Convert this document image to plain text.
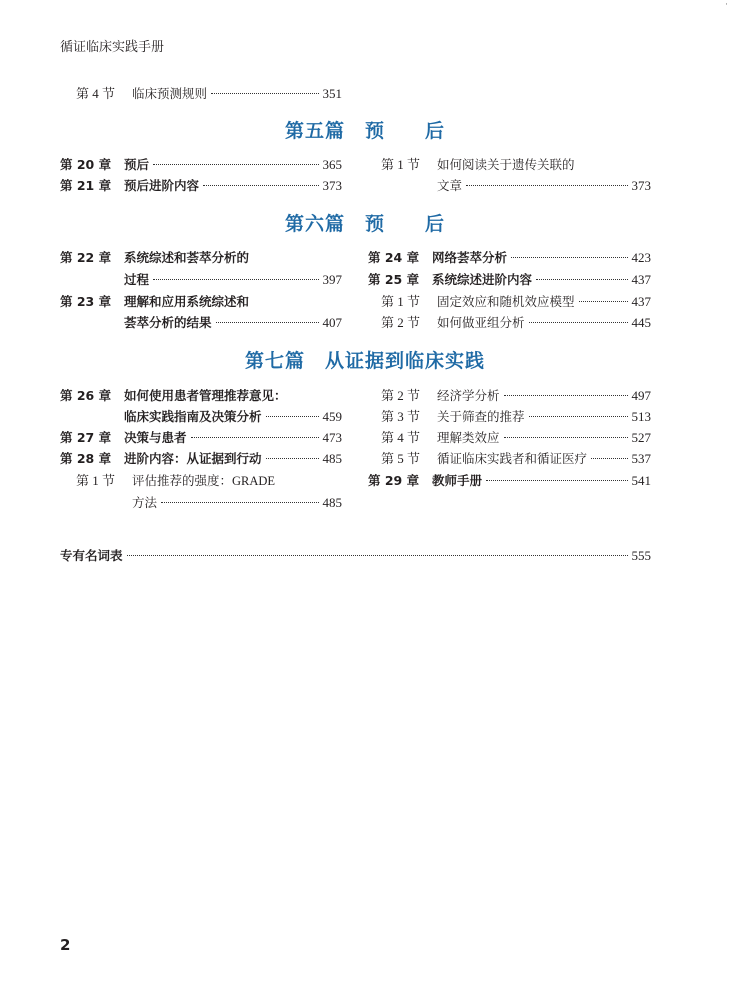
·
循证临床实践手册
第 4 节	临床预测规则	351
第五篇　预　　后
第 20 章	预后	365
第 21 章	预后进阶内容	373
第 1 节	如何阅读关于遗传关联的
文章	373
第六篇　预　　后
第 22 章	系统综述和荟萃分析的
过程	397
第 23 章	理解和应用系统综述和
荟萃分析的结果	407
第 24 章	网络荟萃分析	423
第 25 章	系统综述进阶内容	437
第 1 节	固定效应和随机效应模型	437
第 2 节	如何做亚组分析	445
第七篇　从证据到临床实践
第 26 章	如何使用患者管理推荐意见：
临床实践指南及决策分析	459
第 27 章	决策与患者	473
第 28 章	进阶内容：从证据到行动	485
第 1 节	评估推荐的强度：GRADE
方法	485
第 2 节	经济学分析	497
第 3 节	关于筛查的推荐	513
第 4 节	理解类效应	527
第 5 节	循证临床实践者和循证医疗	537
第 29 章	教师手册	541
专有名词表	555
2
